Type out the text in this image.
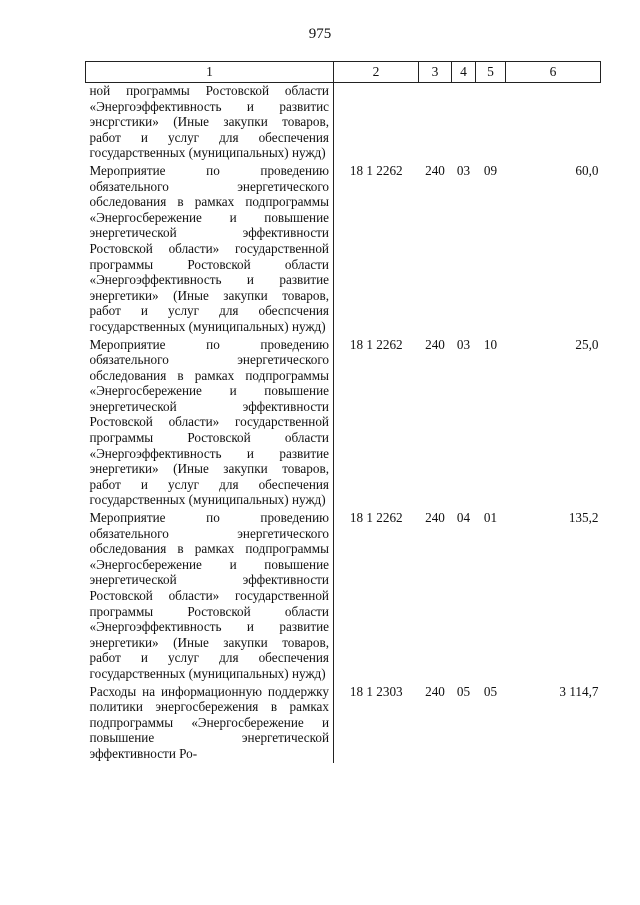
975
1	2	3	4	5	6
ной программы Ростовской области «Энергоэффективность и развитис энсргстики» (Иные закупки товаров, работ и услуг для обеспечения государственных (муниципальных) нужд)					
Мероприятие по проведению обязательного энергетического обследования в рамках подпрограммы «Энергосбережение и повышение энергетической эффективности Ростовской области» государственной программы Ростовской области «Энергоэффективность и развитие энергетики» (Иные закупки товаров, работ и услуг для обеспсчения государственных (муниципальных) нужд)	18 1 2262	240	03	09	60,0
Мероприятие по проведению обязательного энергетического обследования в рамках подпрограммы «Энергосбережение и повышение энергетической эффективности Ростовской области» государственной программы Ростовской области «Энергоэффективность и развитие энергетики» (Иные закупки товаров, работ и услуг для обеспечения государственных (муниципальных) нужд)	18 1 2262	240	03	10	25,0
Мероприятие по проведению обязательного энергетического обследования в рамках подпрограммы «Энергосбережение и повышение энергетической эффективности Ростовской области» государственной программы Ростовской области «Энергоэффективность и развитие энергетики» (Иные закупки товаров, работ и услуг для обеспечения государственных (муниципальных) нужд)	18 1 2262	240	04	01	135,2
Расходы на информационную поддержку политики энергосбережения в рамках подпрограммы «Энергосбережение и повышение энергетической эффективности Ро-	18 1 2303	240	05	05	3 114,7
